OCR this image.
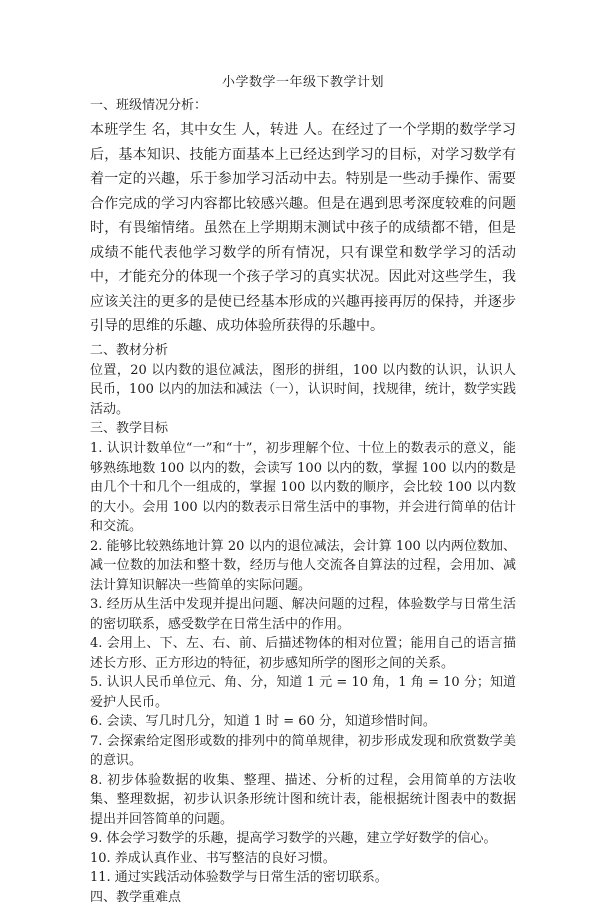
小学数学一年级下教学计划
一、班级情况分析：

本班学生 名，其中女生 人，转进 人。在经过了一个学期的数学学习后，基本知识、技能方面基本上已经达到学习的目标，对学习数学有着一定的兴趣，乐于参加学习活动中去。特别是一些动手操作、需要合作完成的学习内容都比较感兴趣。但是在遇到思考深度较难的问题时，有畏缩情绪。虽然在上学期期末测试中孩子的成绩都不错，但是成绩不能代表他学习数学的所有情况，只有课堂和数学学习的活动中，才能充分的体现一个孩子学习的真实状况。因此对这些学生，我应该关注的更多的是使已经基本形成的兴趣再接再厉的保持，并逐步引导的思维的乐趣、成功体验所获得的乐趣中。

二、教材分析

位置，20 以内数的退位减法，图形的拼组，100 以内数的认识，认识人民币，100 以内的加法和减法（一），认识时间，找规律，统计，数学实践活动。

三、教学目标

1. 认识计数单位“一”和“十”，初步理解个位、十位上的数表示的意义，能够熟练地数 100 以内的数，会读写 100 以内的数，掌握 100 以内的数是由几个十和几个一组成的，掌握 100 以内数的顺序，会比较 100 以内数的大小。会用 100 以内的数表示日常生活中的事物，并会进行简单的估计和交流。

2. 能够比较熟练地计算 20 以内的退位减法，会计算 100 以内两位数加、减一位数的加法和整十数，经历与他人交流各自算法的过程，会用加、减法计算知识解决一些简单的实际问题。

3. 经历从生活中发现并提出问题、解决问题的过程，体验数学与日常生活的密切联系，感受数学在日常生活中的作用。

4. 会用上、下、左、右、前、后描述物体的相对位置；能用自己的语言描述长方形、正方形边的特征，初步感知所学的图形之间的关系。

5. 认识人民币单位元、角、分，知道 1 元 = 10 角，1 角 = 10 分；知道爱护人民币。

6. 会读、写几时几分，知道 1 时 = 60 分，知道珍惜时间。

7. 会探索给定图形或数的排列中的简单规律，初步形成发现和欣赏数学美的意识。

8. 初步体验数据的收集、整理、描述、分析的过程，会用简单的方法收集、整理数据，初步认识条形统计图和统计表，能根据统计图表中的数据提出并回答简单的问题。

9. 体会学习数学的乐趣，提高学习数学的兴趣，建立学好数学的信心。

10. 养成认真作业、书写整洁的良好习惯。

11. 通过实践活动体验数学与日常生活的密切联系。

四、教学重难点
